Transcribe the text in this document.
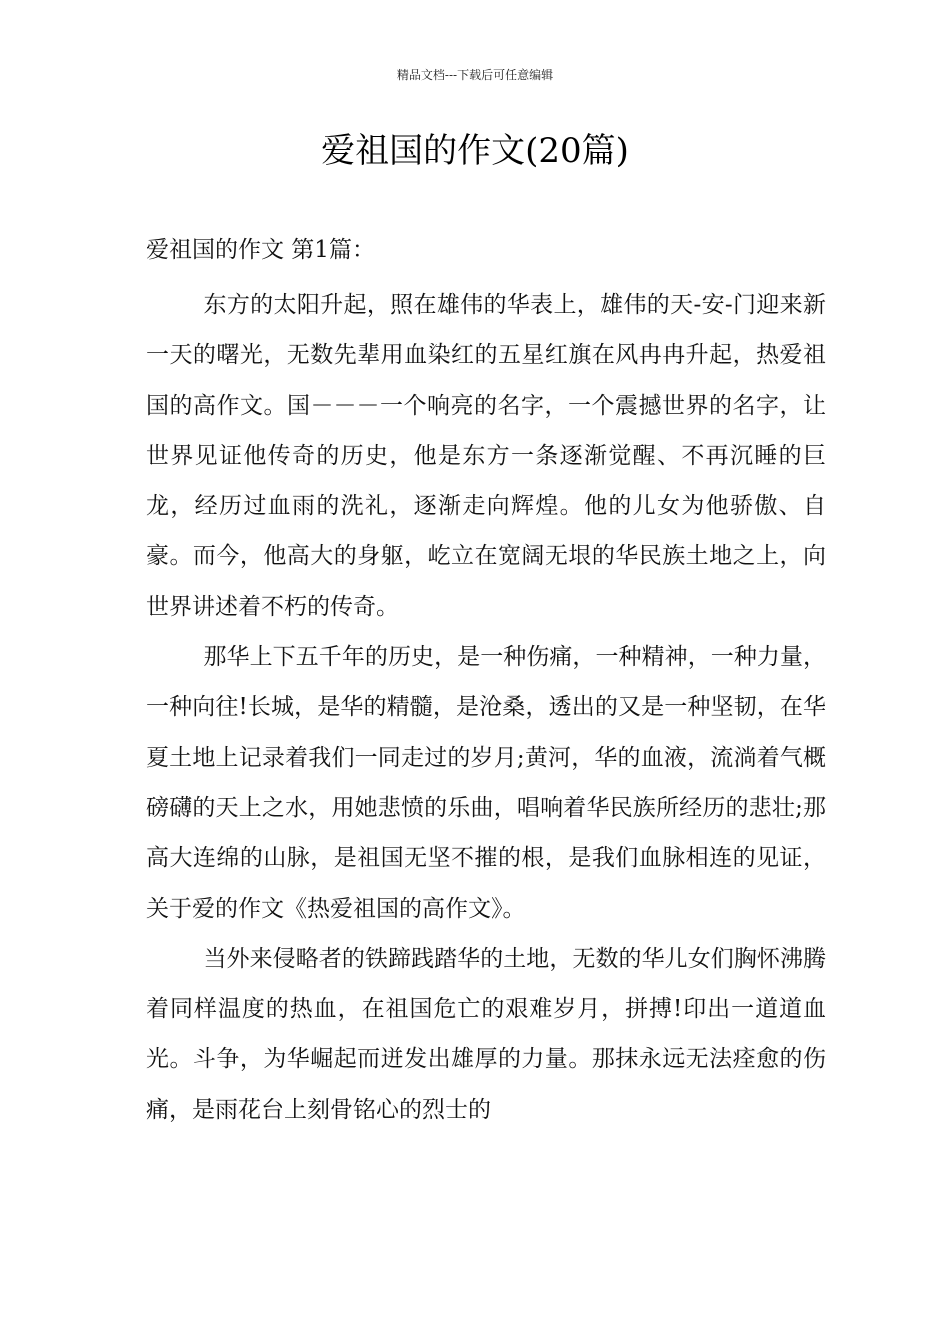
精品文档---下载后可任意编辑
爱祖国的作文(20篇)
爱祖国的作文 第1篇：

东方的太阳升起，照在雄伟的华表上，雄伟的天-安-门迎来新一天的曙光，无数先辈用血染红的五星红旗在风冉冉升起，热爱祖国的高作文。国－－－一个响亮的名字，一个震撼世界的名字，让世界见证他传奇的历史，他是东方一条逐渐觉醒、不再沉睡的巨龙，经历过血雨的洗礼，逐渐走向辉煌。他的儿女为他骄傲、自豪。而今，他高大的身躯，屹立在宽阔无垠的华民族土地之上，向世界讲述着不朽的传奇。

那华上下五千年的历史，是一种伤痛，一种精神，一种力量，一种向往!长城，是华的精髓，是沧桑，透出的又是一种坚韧，在华夏土地上记录着我们一同走过的岁月;黄河，华的血液，流淌着气概磅礴的天上之水，用她悲愤的乐曲，唱响着华民族所经历的悲壮;那高大连绵的山脉，是祖国无坚不摧的根，是我们血脉相连的见证，关于爱的作文《热爱祖国的高作文》。

当外来侵略者的铁蹄践踏华的土地，无数的华儿女们胸怀沸腾着同样温度的热血，在祖国危亡的艰难岁月，拼搏!印出一道道血光。斗争，为华崛起而迸发出雄厚的力量。那抹永远无法痊愈的伤痛，是雨花台上刻骨铭心的烈士的
